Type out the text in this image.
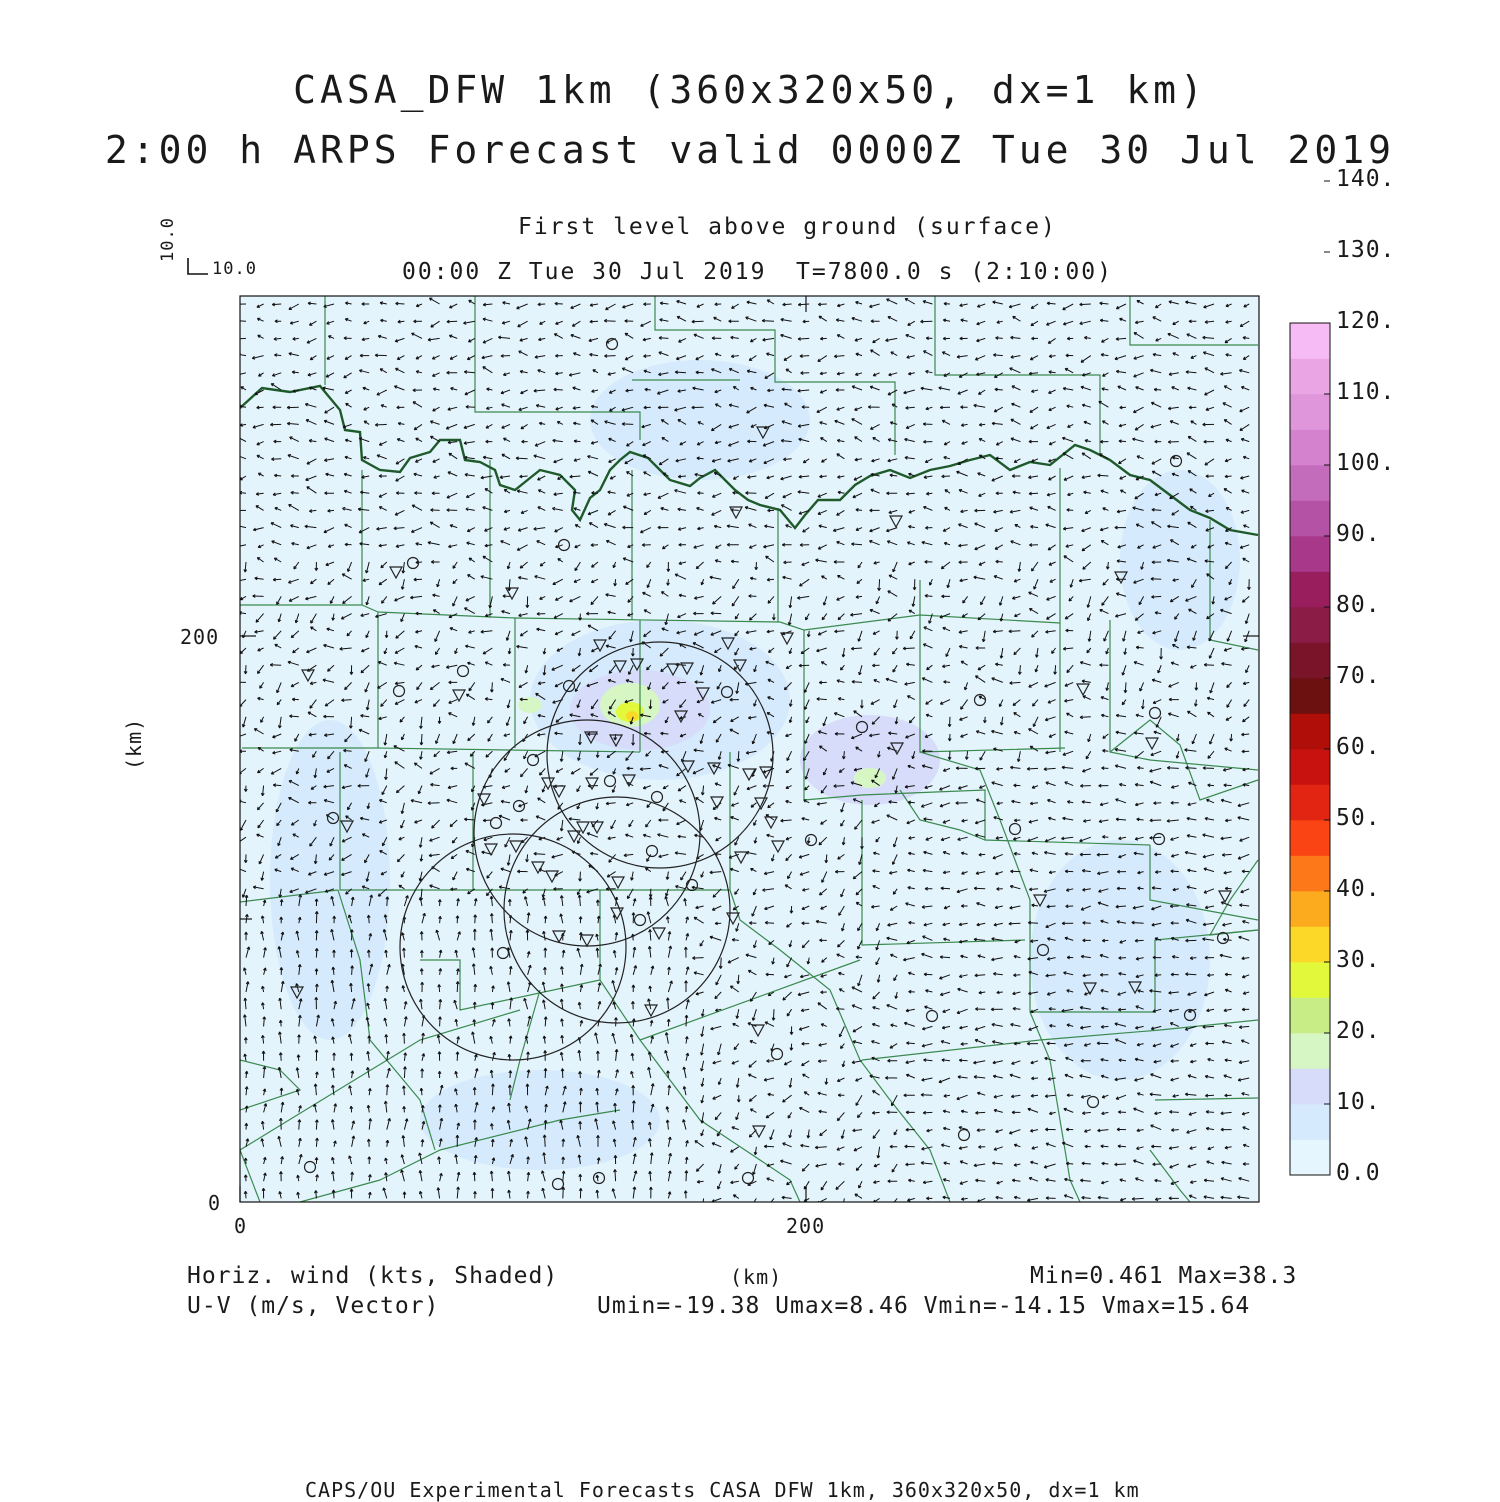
CASA_DFW 1km (360x320x50, dx=1 km)
2:00 h ARPS Forecast valid 0000Z Tue 30 Jul 2019
First level above ground (surface)
00:00 Z Tue 30 Jul 2019 T=7800.0 s (2:10:00)
10.0
10.0
0	200
0
200
(km)
(km)
Horiz. wind (kts, Shaded)
U-V (m/s, Vector)
Min=0.461 Max=38.3
Umin=-19.38 Umax=8.46 Vmin=-14.15 Vmax=15.64
CAPS/OU Experimental Forecasts CASA DFW 1km, 360x320x50, dx=1 km
0.0
10.
20.
30.
40.
50.
60.
70.
80.
90.
100.
110.
120.
130.
140.
